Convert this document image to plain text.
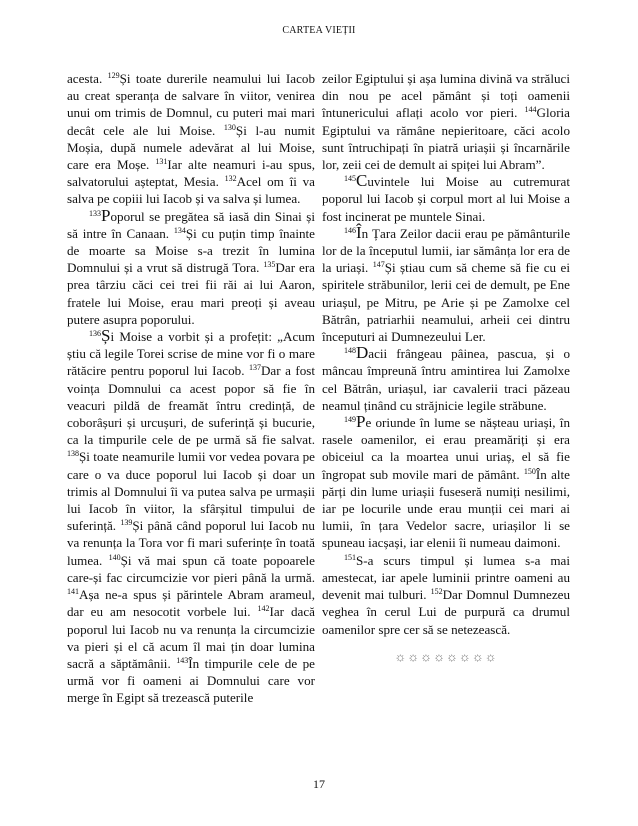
CARTEA VIEȚII

acesta. $^{129}$Și toate durerile neamului lui Iacob au creat speranța de salvare în viitor, venirea unui om trimis de Domnul, cu puteri mai mari decât cele ale lui Moise. $^{130}$Și l-au numit Moșia, după numele adevărat al lui Moise, care era Moșe. $^{131}$Iar alte neamuri i-au spus, salvatorului așteptat, Mesia. $^{132}$Acel om îi va salva pe copiii lui Iacob și va salva și lumea.

$^{133}$Poporul se pregătea să iasă din Sinai și să intre în Canaan. $^{134}$Și cu puțin timp înainte de moarte sa Moise s-a trezit în lumina Domnului și a vrut să distrugă Tora. $^{135}$Dar era prea târziu căci cei trei fii răi ai lui Aaron, fratele lui Moise, erau mari preoți și aveau putere asupra poporului.

$^{136}$Și Moise a vorbit și a profețit: „Acum știu că legile Torei scrise de mine vor fi o mare rătăcire pentru poporul lui Iacob. $^{137}$Dar a fost voința Domnului ca acest popor să fie în veacuri pildă de freamăt întru credință, de coborâșuri și urcușuri, de suferință și bucurie, ca la timpurile cele de pe urmă să fie salvat. $^{138}$Și toate neamurile lumii vor vedea povara pe care o va duce poporul lui Iacob și doar un trimis al Domnului îi va putea salva pe urmașii lui Iacob în viitor, la sfârșitul timpului de suferință. $^{139}$Și până când poporul lui Iacob nu va renunța la Tora vor fi mari suferințe în toată lumea. $^{140}$Și vă mai spun că toate popoarele care-și fac circumcizie vor pieri până la urmă. $^{141}$Așa ne-a spus și părintele Abram arameul, dar eu am nesocotit vorbele lui. $^{142}$Iar dacă poporul lui Iacob nu va renunța la circumcizie va pieri și el că acum îl mai țin doar lumina sacră a săptămânii. $^{143}$În timpurile cele de pe urmă vor fi oameni ai Domnului care vor merge în Egipt să trezească puterile

zeilor Egiptului și așa lumina divină va străluci din nou pe acel pământ și toți oamenii întunericului aflați acolo vor pieri. $^{144}$Gloria Egiptului va rămâne nepieritoare, căci acolo sunt întruchipați în piatră uriașii și încarnările lor, zeii cei de demult ai spiței lui Abram”.

$^{145}$Cuvintele lui Moise au cutremurat poporul lui Iacob și corpul mort al lui Moise a fost incinerat pe muntele Sinai.

$^{146}$În Țara Zeilor dacii erau pe pământurile lor de la începutul lumii, iar sămânța lor era de la uriași. $^{147}$Și știau cum să cheme să fie cu ei spiritele străbunilor, lerii cei de demult, pe Ene uriașul, pe Mitru, pe Arie și pe Zamolxe cel Bătrân, patriarhii neamului, arheii cei dintru începuturi ai Dumnezeului Ler.

$^{148}$Dacii frângeau pâinea, pascua, și o mâncau împreună întru amintirea lui Zamolxe cel Bătrân, uriașul, iar cavalerii traci păzeau neamul ținând cu străjnicie legile străbune.

$^{149}$Pe oriunde în lume se nășteau uriași, în rasele oamenilor, ei erau preamăriți și era obiceiul ca la moartea unui uriaș, el să fie îngropat sub movile mari de pământ. $^{150}$În alte părți din lume uriașii fuseseră numiți nesilimi, iar pe locurile unde erau munții cei mari ai lumii, în țara Vedelor sacre, uriașilor li se spuneau iacșași, iar elenii îi numeau daimoni.

$^{151}$S-a scurs timpul și lumea s-a mai amestecat, iar apele luminii printre oameni au devenit mai tulburi. $^{152}$Dar Domnul Dumnezeu veghea în cerul Lui de purpură ca drumul oamenilor spre cer să se netezească.

☼☼☼☼☼☼☼☼
17
